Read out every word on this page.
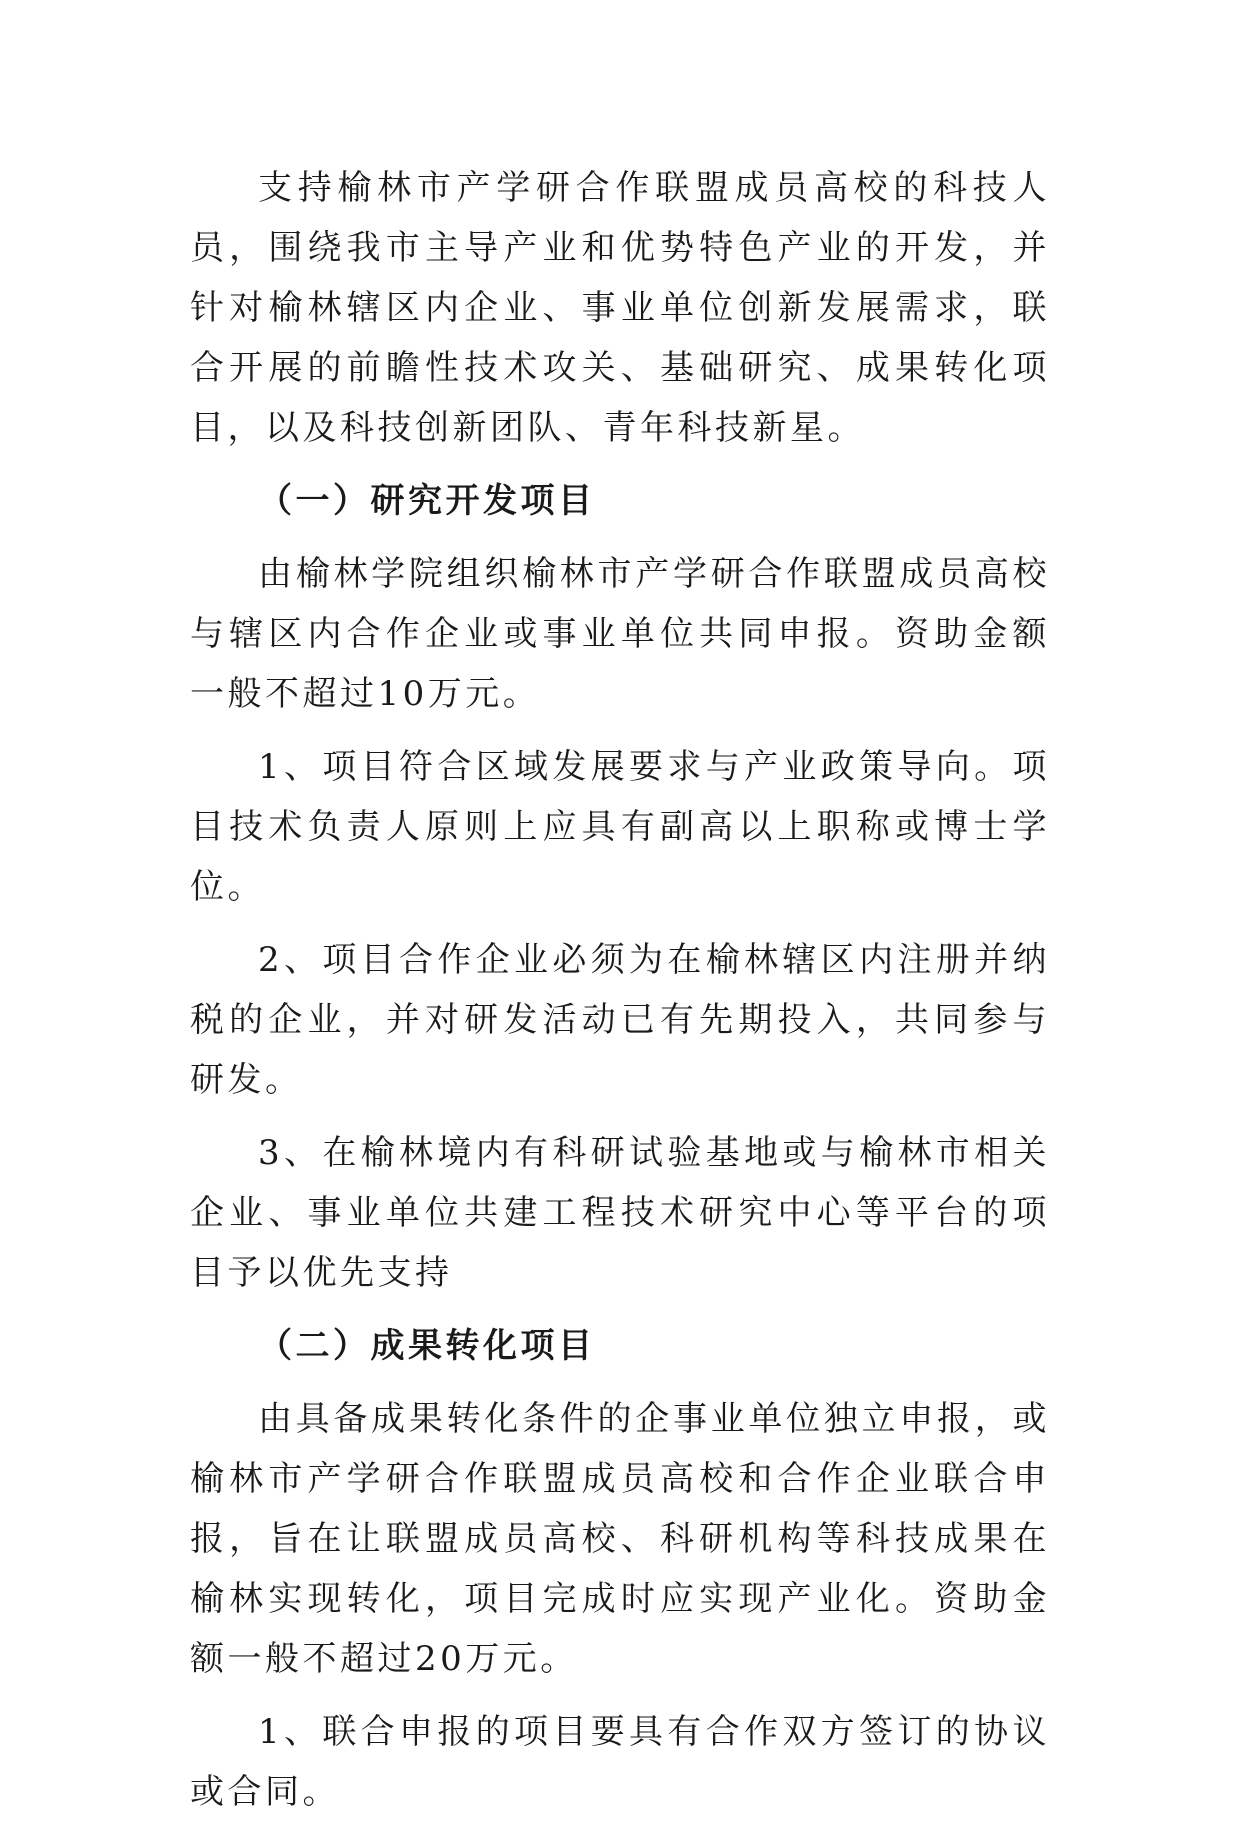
支持榆林市产学研合作联盟成员高校的科技人员，围绕我市主导产业和优势特色产业的开发，并针对榆林辖区内企业、事业单位创新发展需求，联合开展的前瞻性技术攻关、基础研究、成果转化项目，以及科技创新团队、青年科技新星。

（一）研究开发项目

由榆林学院组织榆林市产学研合作联盟成员高校与辖区内合作企业或事业单位共同申报。资助金额一般不超过10万元。

1、项目符合区域发展要求与产业政策导向。项目技术负责人原则上应具有副高以上职称或博士学位。

2、项目合作企业必须为在榆林辖区内注册并纳税的企业，并对研发活动已有先期投入，共同参与研发。

3、在榆林境内有科研试验基地或与榆林市相关企业、事业单位共建工程技术研究中心等平台的项目予以优先支持

（二）成果转化项目

由具备成果转化条件的企事业单位独立申报，或榆林市产学研合作联盟成员高校和合作企业联合申报，旨在让联盟成员高校、科研机构等科技成果在榆林实现转化，项目完成时应实现产业化。资助金额一般不超过20万元。

1、联合申报的项目要具有合作双方签订的协议或合同。
